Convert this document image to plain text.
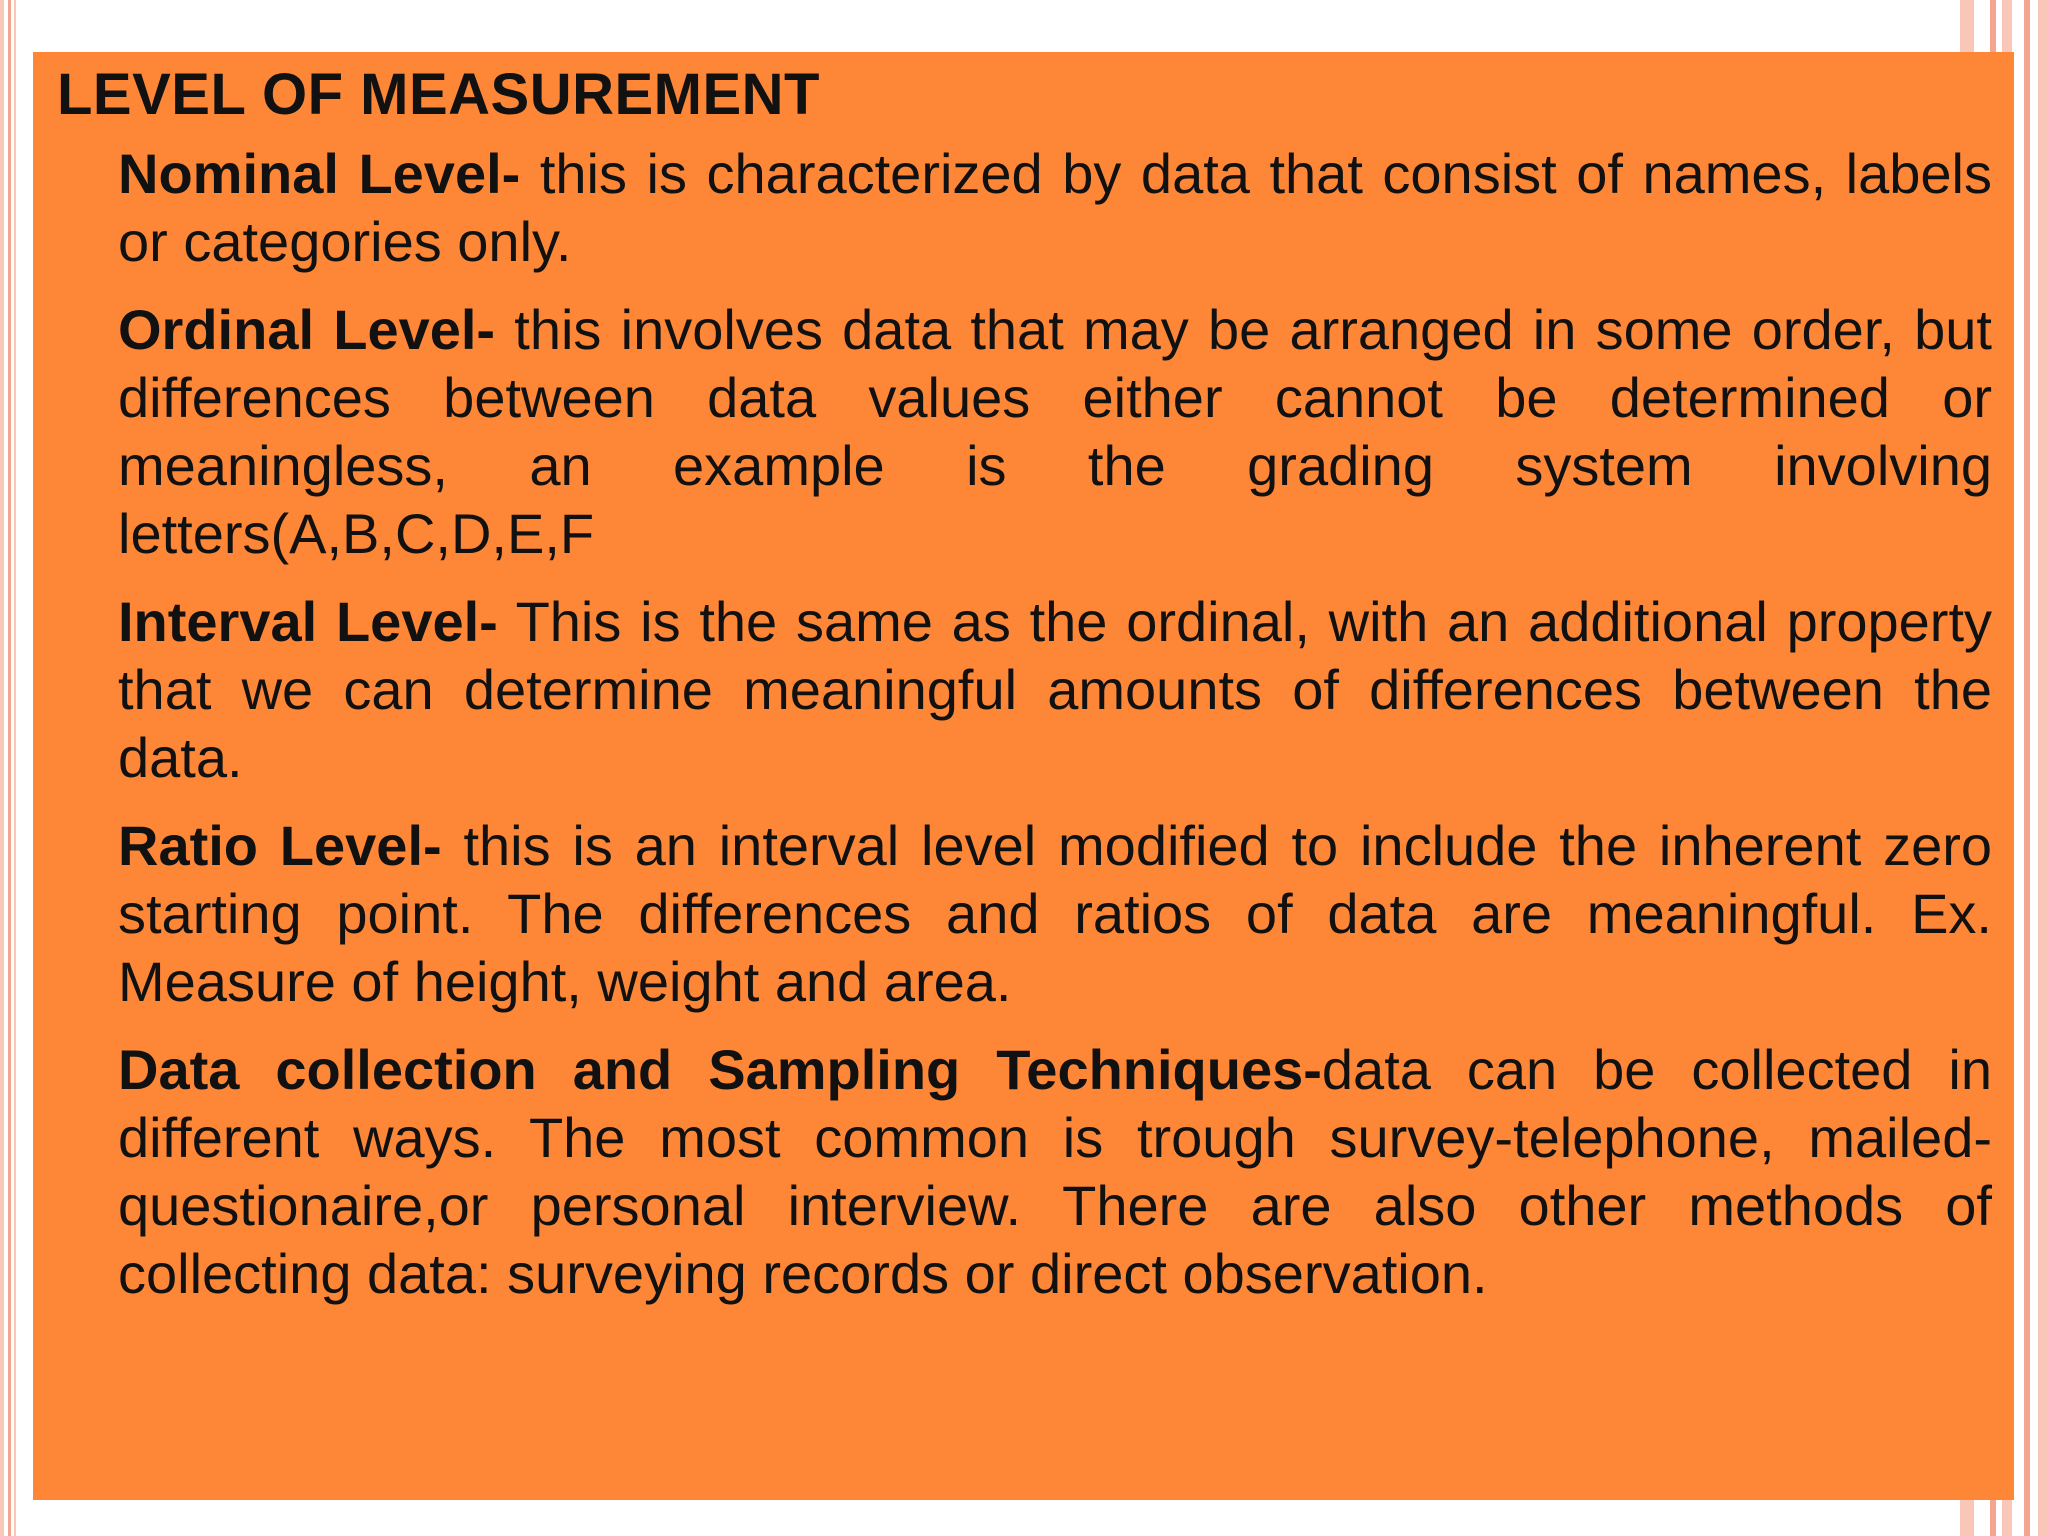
LEVEL OF MEASUREMENT
Nominal Level- this is characterized by data that consist of names, labels or categories only.
Ordinal Level- this involves data that may be arranged in some order, but differences between data values either cannot be determined or meaningless, an example is the grading system involving letters(A,B,C,D,E,F
Interval Level- This is the same as the ordinal, with an additional property that we can determine meaningful amounts of differences between the data.
Ratio Level- this is an interval level modified to include the inherent zero starting point. The differences and ratios of data are meaningful. Ex. Measure of height, weight and area.
Data collection and Sampling Techniques-data can be collected in different ways. The most common is trough survey-telephone, mailed- questionaire,or personal interview. There are also other methods of collecting data: surveying records or direct observation.
